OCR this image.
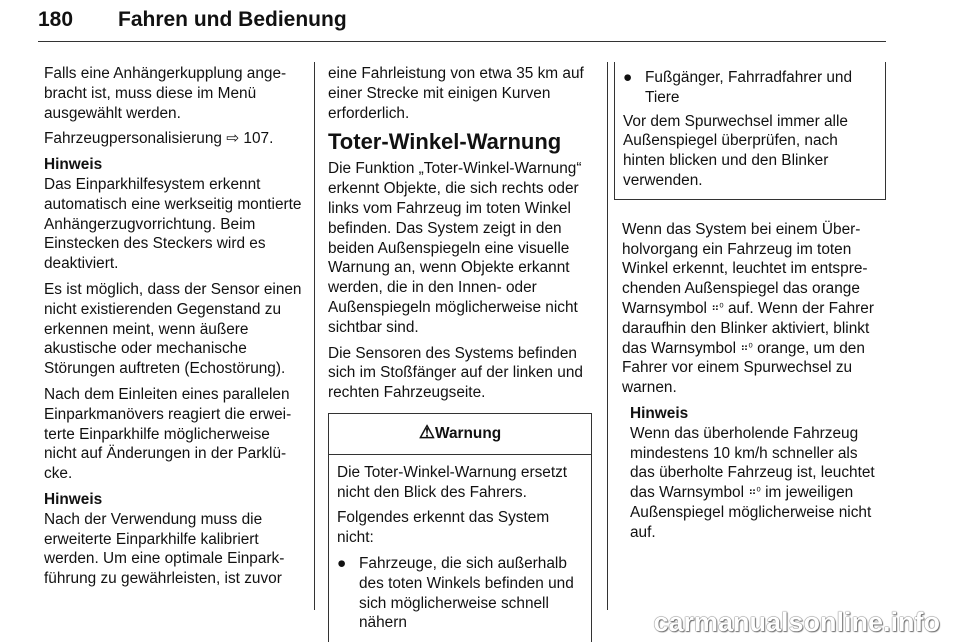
180 Fahren und Bedienung

Falls eine Anhängerkupplung angebracht ist, muss diese im Menü ausgewählt werden.

Fahrzeugpersonalisierung ⇨ 107.

Hinweis

Das Einparkhilfesystem erkennt automatisch eine werkseitig montierte Anhängerzugvorrichtung. Beim Einstecken des Steckers wird es deaktiviert.

Es ist möglich, dass der Sensor einen nicht existierenden Gegenstand zu erkennen meint, wenn äußere akustische oder mechanische Störungen auftreten (Echostörung).

Nach dem Einleiten eines parallelen Einparkmanövers reagiert die erweiterte Einparkhilfe möglicherweise nicht auf Änderungen in der Parklücke.

Hinweis

Nach der Verwendung muss die erweiterte Einparkhilfe kalibriert werden. Um eine optimale Einparkführung zu gewährleisten, ist zuvor

eine Fahrleistung von etwa 35 km auf einer Strecke mit einigen Kurven erforderlich.

Toter-Winkel-Warnung

Die Funktion „Toter-Winkel-Warnung“ erkennt Objekte, die sich rechts oder links vom Fahrzeug im toten Winkel befinden. Das System zeigt in den beiden Außenspiegeln eine visuelle Warnung an, wenn Objekte erkannt werden, die in den Innen- oder Außenspiegeln möglicherweise nicht sichtbar sind.

Die Sensoren des Systems befinden sich im Stoßfänger auf der linken und rechten Fahrzeugseite.

⚠Warnung

Die Toter-Winkel-Warnung ersetzt nicht den Blick des Fahrers.

Folgendes erkennt das System nicht:

● Fahrzeuge, die sich außerhalb des toten Winkels befinden und sich möglicherweise schnell nähern
● Fußgänger, Fahrradfahrer und Tiere

Vor dem Spurwechsel immer alle Außenspiegel überprüfen, nach hinten blicken und den Blinker verwenden.

Wenn das System bei einem Überholvorgang ein Fahrzeug im toten Winkel erkennt, leuchtet im entsprechenden Außenspiegel das orange Warnsymbol ⠶⁰ auf. Wenn der Fahrer daraufhin den Blinker aktiviert, blinkt das Warnsymbol ⠶⁰ orange, um den Fahrer vor einem Spurwechsel zu warnen.

Hinweis

Wenn das überholende Fahrzeug mindestens 10 km/h schneller als das überholte Fahrzeug ist, leuchtet das Warnsymbol ⠶⁰ im jeweiligen Außenspiegel möglicherweise nicht auf.

carmanualsonline.info
